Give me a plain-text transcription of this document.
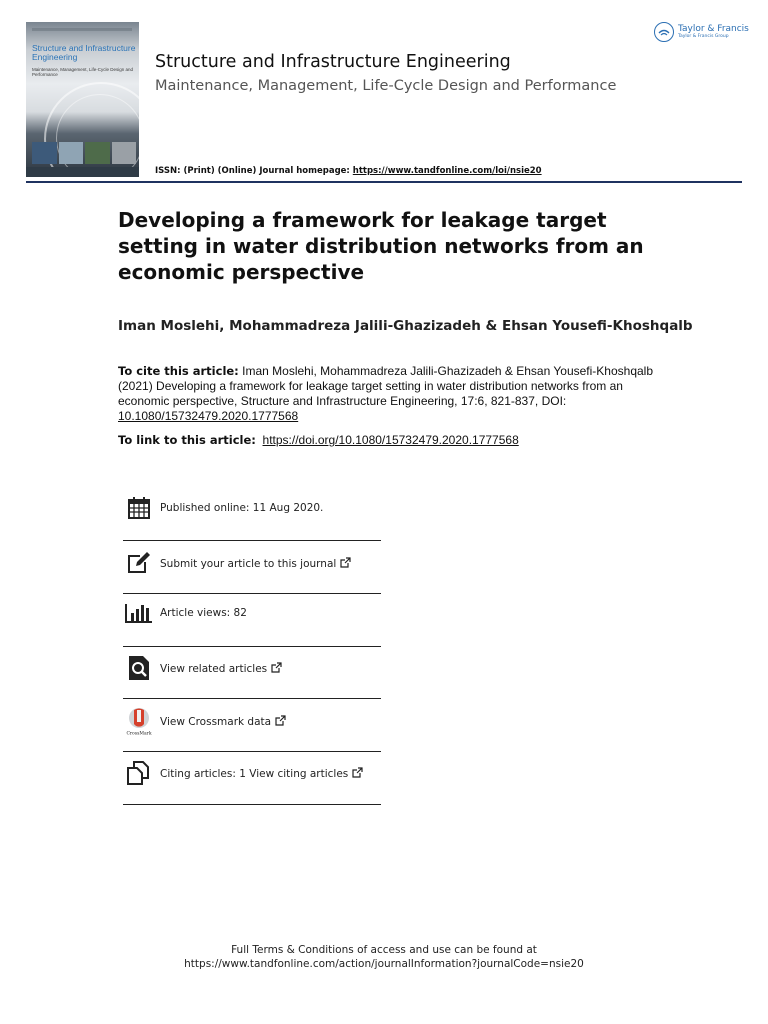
Structure and Infrastructure Engineering
Maintenance, Management, Life-Cycle Design and Performance
Structure and Infrastructure Engineering
Maintenance, Management, Life-Cycle Design and Performance
ISSN: (Print) (Online) Journal homepage: https://www.tandfonline.com/loi/nsie20
Taylor & Francis
Taylor & Francis Group
Developing a framework for leakage target setting in water distribution networks from an economic perspective
Iman Moslehi, Mohammadreza Jalili-Ghazizadeh & Ehsan Yousefi-Khoshqalb
To cite this article: Iman Moslehi, Mohammadreza Jalili-Ghazizadeh & Ehsan Yousefi-Khoshqalb (2021) Developing a framework for leakage target setting in water distribution networks from an economic perspective, Structure and Infrastructure Engineering, 17:6, 821-837, DOI: 10.1080/15732479.2020.1777568
To link to this article: https://doi.org/10.1080/15732479.2020.1777568
Published online: 11 Aug 2020.
Submit your article to this journal
Article views: 82
View related articles
CrossMark
View Crossmark data
Citing articles: 1 View citing articles
Full Terms & Conditions of access and use can be found at
https://www.tandfonline.com/action/journalInformation?journalCode=nsie20
